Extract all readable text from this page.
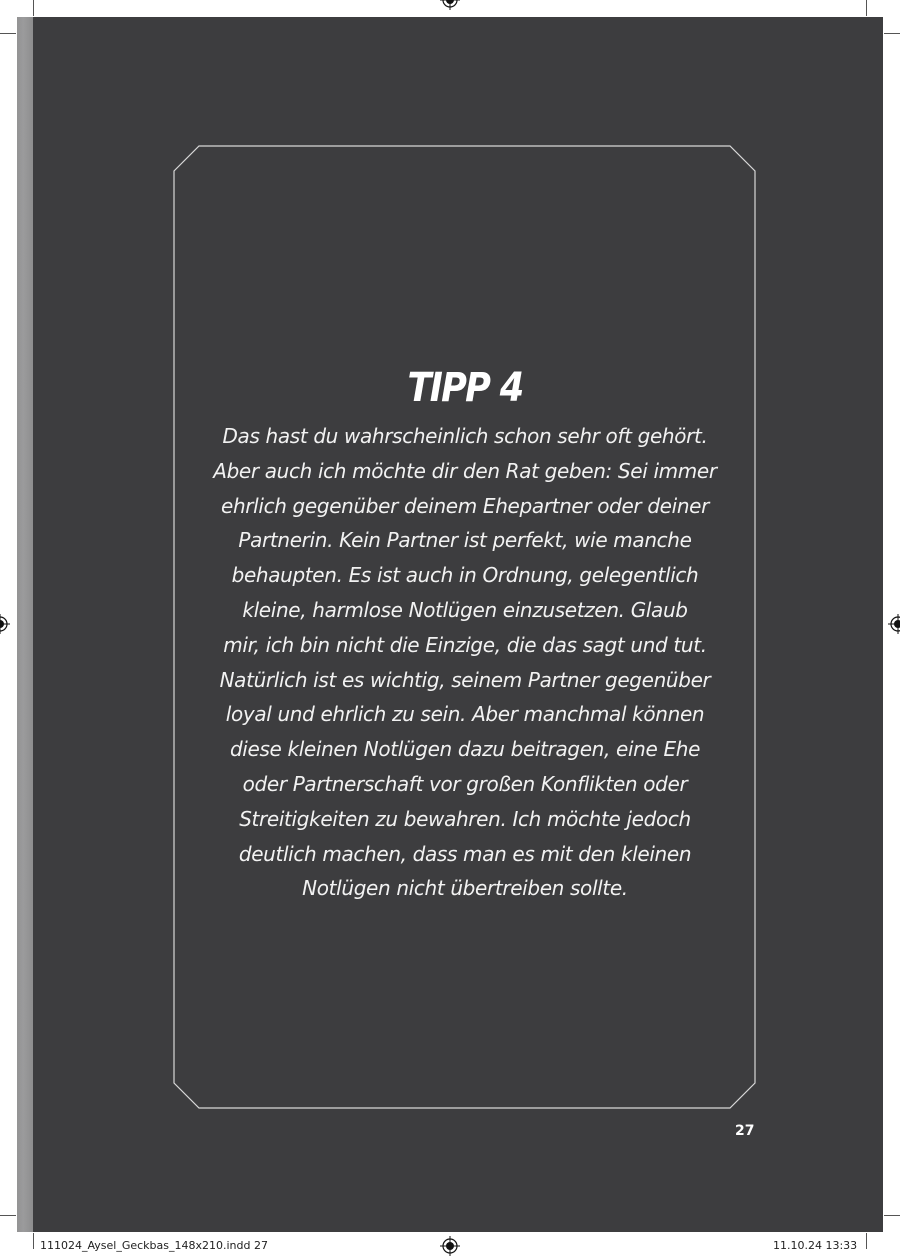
TIPP 4
Das hast du wahrscheinlich schon sehr oft gehört.
Aber auch ich möchte dir den Rat geben: Sei immer
ehrlich gegenüber deinem Ehepartner oder deiner
Partnerin. Kein Partner ist perfekt, wie manche
behaupten. Es ist auch in Ordnung, gelegentlich
kleine, harmlose Notlügen einzusetzen. Glaub
mir, ich bin nicht die Einzige, die das sagt und tut.
Natürlich ist es wichtig, seinem Partner gegenüber
loyal und ehrlich zu sein. Aber manchmal können
diese kleinen Notlügen dazu beitragen, eine Ehe
oder Partnerschaft vor großen Konflikten oder
Streitigkeiten zu bewahren. Ich möchte jedoch
deutlich machen, dass man es mit den kleinen
Notlügen nicht übertreiben sollte.
27
111024_Aysel_Geckbas_148x210.indd 27	11.10.24 13:33
